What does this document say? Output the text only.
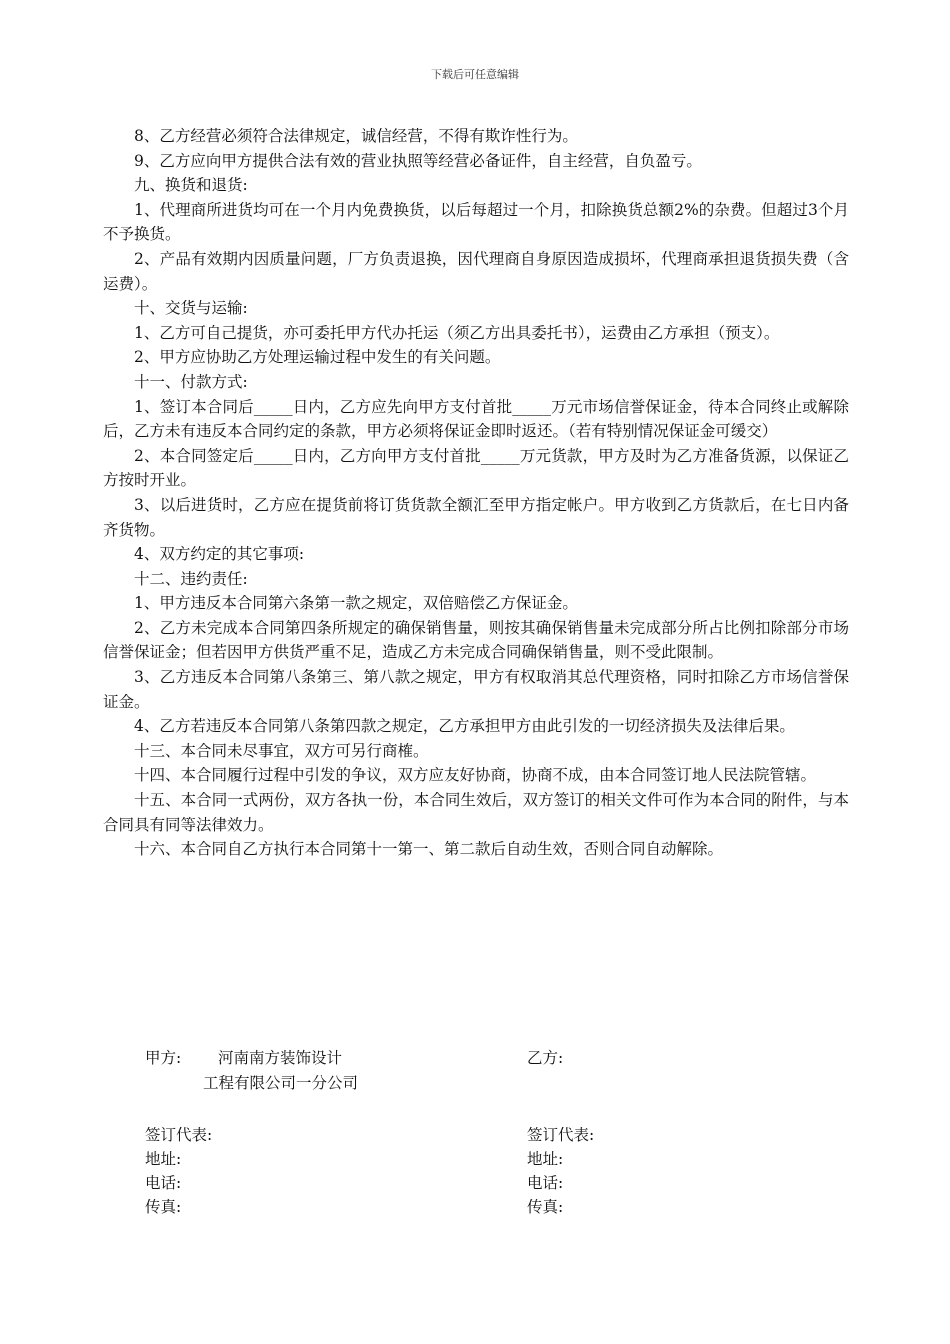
下载后可任意编辑

8、乙方经营必须符合法律规定，诚信经营，不得有欺诈性行为。

9、乙方应向甲方提供合法有效的营业执照等经营必备证件，自主经营，自负盈亏。

九、换货和退货:

1、代理商所进货均可在一个月内免费换货，以后每超过一个月，扣除换货总额2%的杂费。但超过3个月不予换货。

2、产品有效期内因质量问题，厂方负责退换，因代理商自身原因造成损坏，代理商承担退货损失费（含运费）。

十、交货与运输:

1、乙方可自己提货，亦可委托甲方代办托运（须乙方出具委托书），运费由乙方承担（预支）。

2、甲方应协助乙方处理运输过程中发生的有关问题。

十一、付款方式:

1、签订本合同后_____日内，乙方应先向甲方支付首批_____万元市场信誉保证金，待本合同终止或解除后，乙方未有违反本合同约定的条款，甲方必须将保证金即时返还。（若有特别情况保证金可缓交）

2、本合同签定后_____日内，乙方向甲方支付首批_____万元货款，甲方及时为乙方准备货源，以保证乙方按时开业。

3、以后进货时，乙方应在提货前将订货货款全额汇至甲方指定帐户。甲方收到乙方货款后，在七日内备齐货物。

4、双方约定的其它事项:

十二、违约责任:

1、甲方违反本合同第六条第一款之规定，双倍赔偿乙方保证金。

2、乙方未完成本合同第四条所规定的确保销售量，则按其确保销售量未完成部分所占比例扣除部分市场信誉保证金；但若因甲方供货严重不足，造成乙方未完成合同确保销售量，则不受此限制。

3、乙方违反本合同第八条第三、第八款之规定，甲方有权取消其总代理资格，同时扣除乙方市场信誉保证金。

4、乙方若违反本合同第八条第四款之规定，乙方承担甲方由此引发的一切经济损失及法律后果。

十三、本合同未尽事宜，双方可另行商榷。

十四、本合同履行过程中引发的争议，双方应友好协商，协商不成，由本合同签订地人民法院管辖。

十五、本合同一式两份，双方各执一份，本合同生效后，双方签订的相关文件可作为本合同的附件，与本合同具有同等法律效力。

十六、本合同自乙方执行本合同第十一第一、第二款后自动生效，否则合同自动解除。

甲方: 河南南方装饰设计
工程有限公司一分公司
乙方:
签订代表:
地址:
电话:
传真:
签订代表:
地址:
电话:
传真:
